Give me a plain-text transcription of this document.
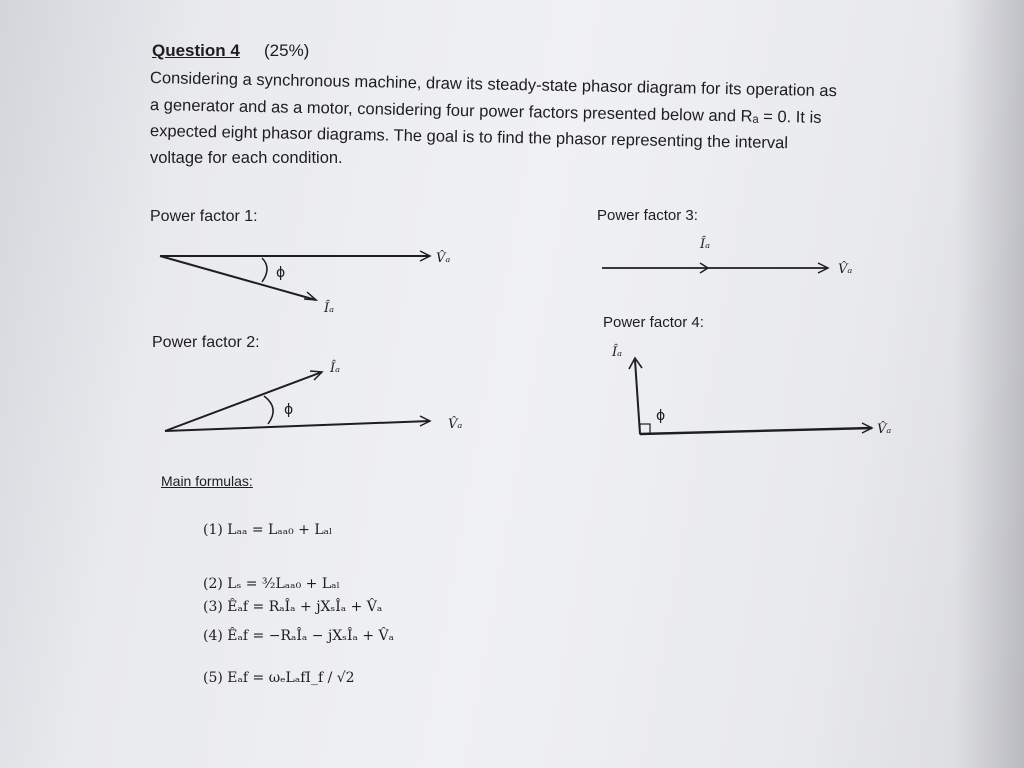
Question 4 (25%)
Considering a synchronous machine, draw its steady-state phasor diagram for its operation as
a generator and as a motor, considering four power factors presented below and Rₐ = 0. It is
expected eight phasor diagrams. The goal is to find the phasor representing the interval
voltage for each condition.
Power factor 1:
Power factor 2:
Power factor 3:
Power factor 4:
ϕ
V̂ₐ
Îₐ
ϕ
V̂ₐ
Îₐ
V̂ₐ
Îₐ
ϕ
V̂ₐ
Îₐ
Main formulas:
(1) Lₐₐ = Lₐₐ₀ + Lₐₗ
(2) Lₛ = ³⁄₂Lₐₐ₀ + Lₐₗ
(3) Êₐf = RₐÎₐ + jXₛÎₐ + V̂ₐ
(4) Êₐf = −RₐÎₐ − jXₛÎₐ + V̂ₐ
(5) Eₐf = ωₑLₐfI_f / √2
